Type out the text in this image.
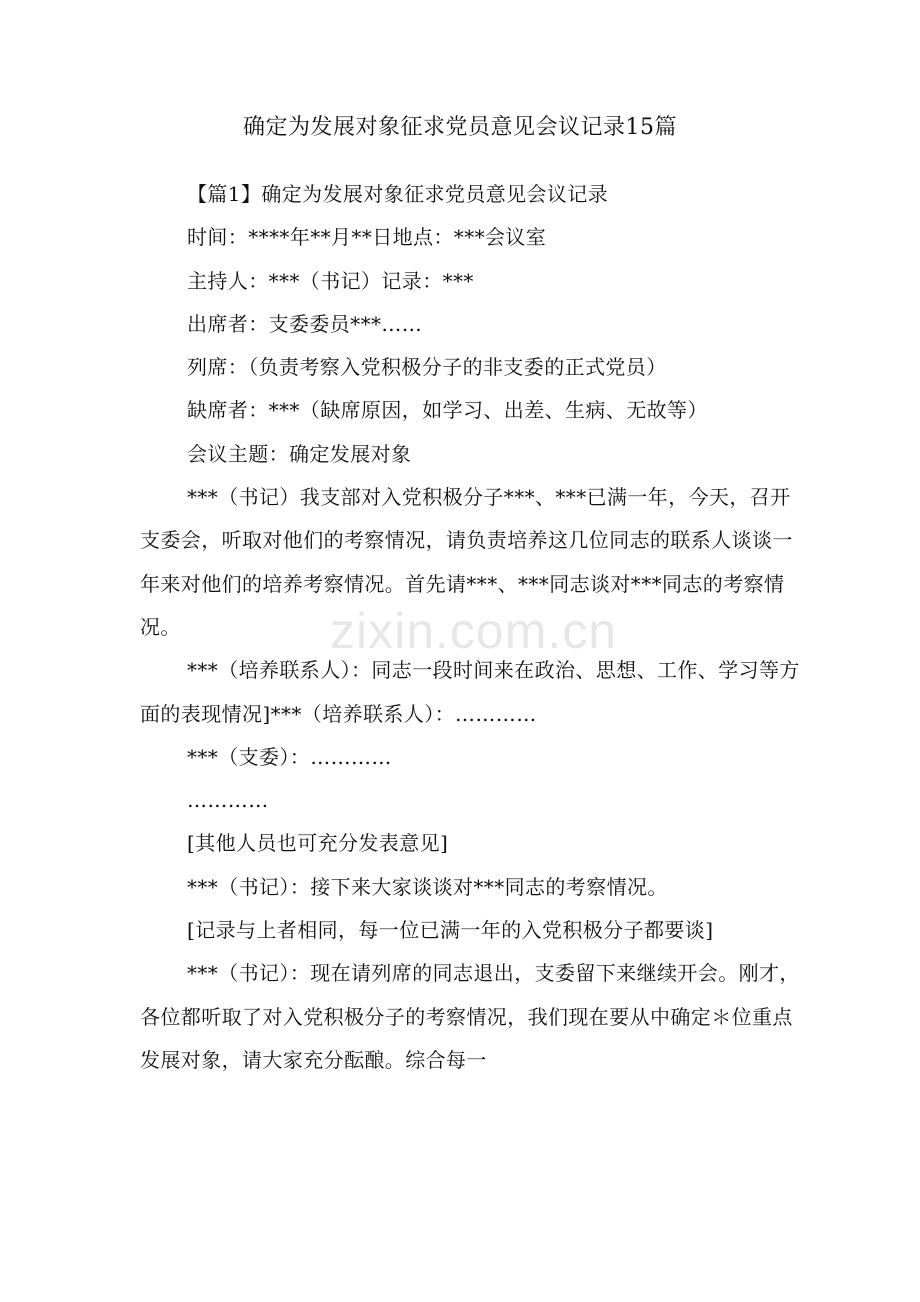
确定为发展对象征求党员意见会议记录15篇

【篇1】确定为发展对象征求党员意见会议记录

时间：****年**月**日地点：***会议室

主持人：***（书记）记录：***

出席者：支委委员***……

列席：（负责考察入党积极分子的非支委的正式党员）

缺席者：***（缺席原因，如学习、出差、生病、无故等）

会议主题：确定发展对象

***（书记）我支部对入党积极分子***、***已满一年，今天，召开支委会，听取对他们的考察情况，请负责培养这几位同志的联系人谈谈一年来对他们的培养考察情况。首先请***、***同志谈对***同志的考察情况。

***（培养联系人）：同志一段时间来在政治、思想、工作、学习等方面的表现情况]***（培养联系人）：…………

***（支委）：…………

…………

[其他人员也可充分发表意见]

***（书记）：接下来大家谈谈对***同志的考察情况。

[记录与上者相同，每一位已满一年的入党积极分子都要谈]

***（书记）：现在请列席的同志退出，支委留下来继续开会。刚才，各位都听取了对入党积极分子的考察情况，我们现在要从中确定＊位重点发展对象，请大家充分酝酿。综合每一

zixin.com.cn
